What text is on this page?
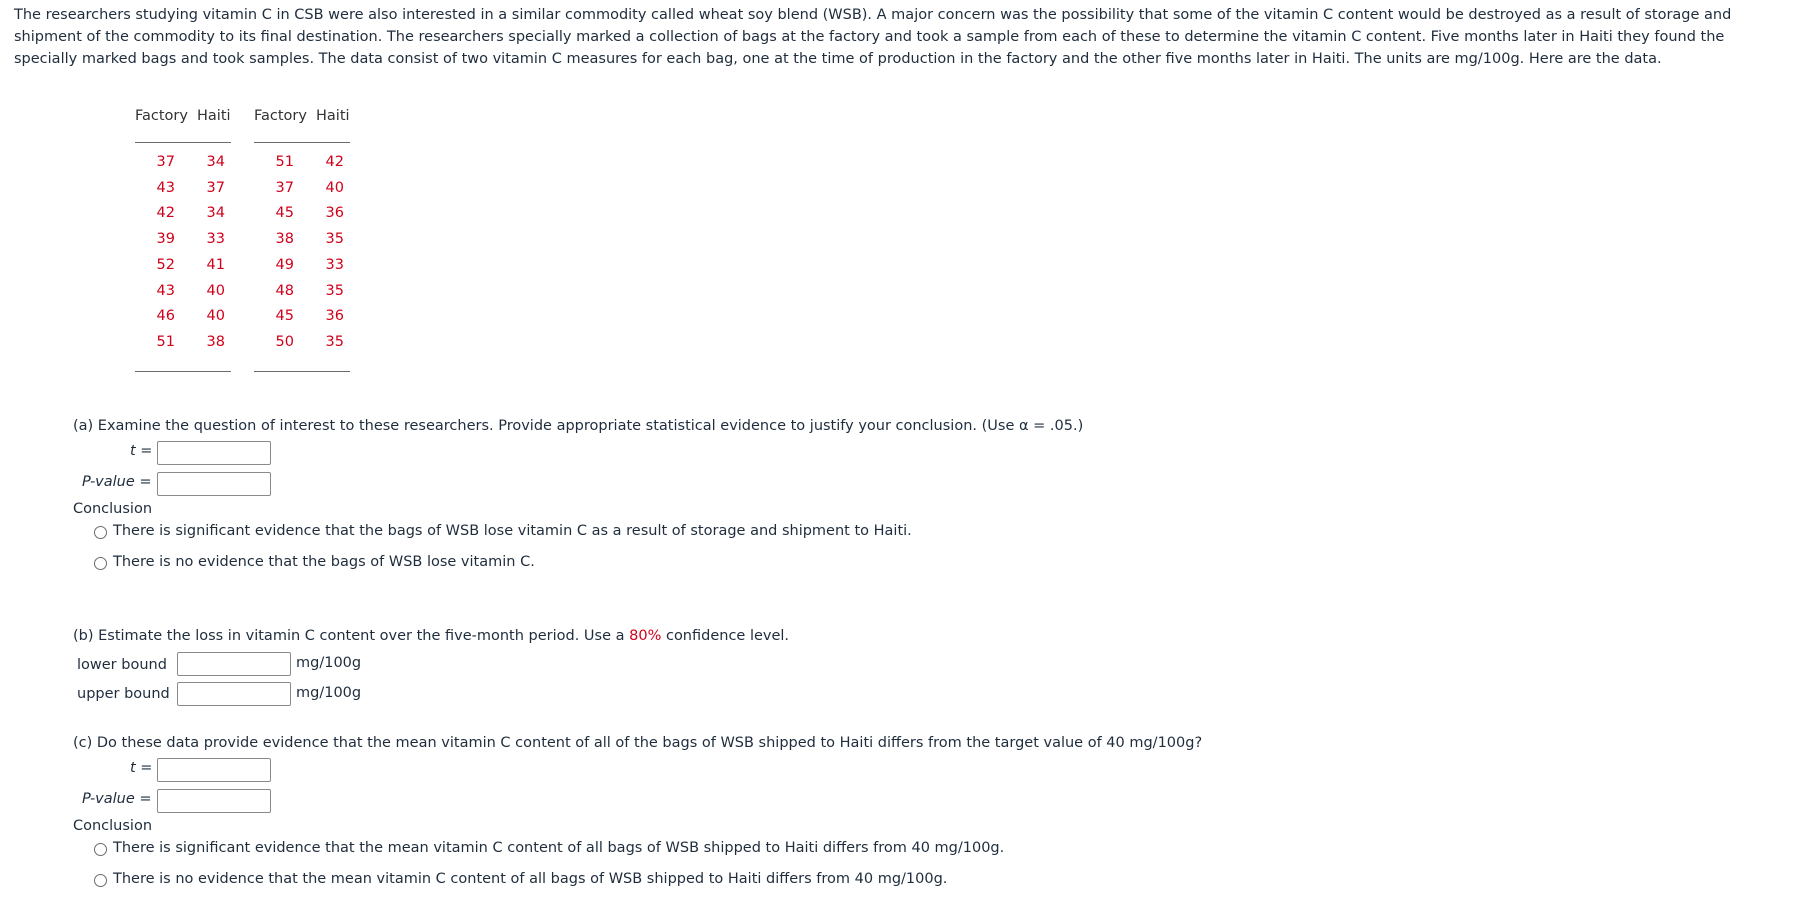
The researchers studying vitamin C in CSB were also interested in a similar commodity called wheat soy blend (WSB). A major concern was the possibility that some of the vitamin C content would be destroyed as a result of storage and shipment of the commodity to its final destination. The researchers specially marked a collection of bags at the factory and took a sample from each of these to determine the vitamin C content. Five months later in Haiti they found the specially marked bags and took samples. The data consist of two vitamin C measures for each bag, one at the time of production in the factory and the other five months later in Haiti. The units are mg/100g. Here are the data.
Factory Haiti
37
43
42
39
52
43
46
51
34
37
34
33
41
40
40
38
Factory Haiti
51
37
45
38
49
48
45
50
42
40
36
35
33
35
36
35
(a) Examine the question of interest to these researchers. Provide appropriate statistical evidence to justify your conclusion. (Use α = .05.)
t =
P-value =
Conclusion
There is significant evidence that the bags of WSB lose vitamin C as a result of storage and shipment to Haiti.
There is no evidence that the bags of WSB lose vitamin C.
(b) Estimate the loss in vitamin C content over the five-month period. Use a 80% confidence level.
lower bound	mg/100g
upper bound	mg/100g
(c) Do these data provide evidence that the mean vitamin C content of all of the bags of WSB shipped to Haiti differs from the target value of 40 mg/100g?
t =
P-value =
Conclusion
There is significant evidence that the mean vitamin C content of all bags of WSB shipped to Haiti differs from 40 mg/100g.
There is no evidence that the mean vitamin C content of all bags of WSB shipped to Haiti differs from 40 mg/100g.
